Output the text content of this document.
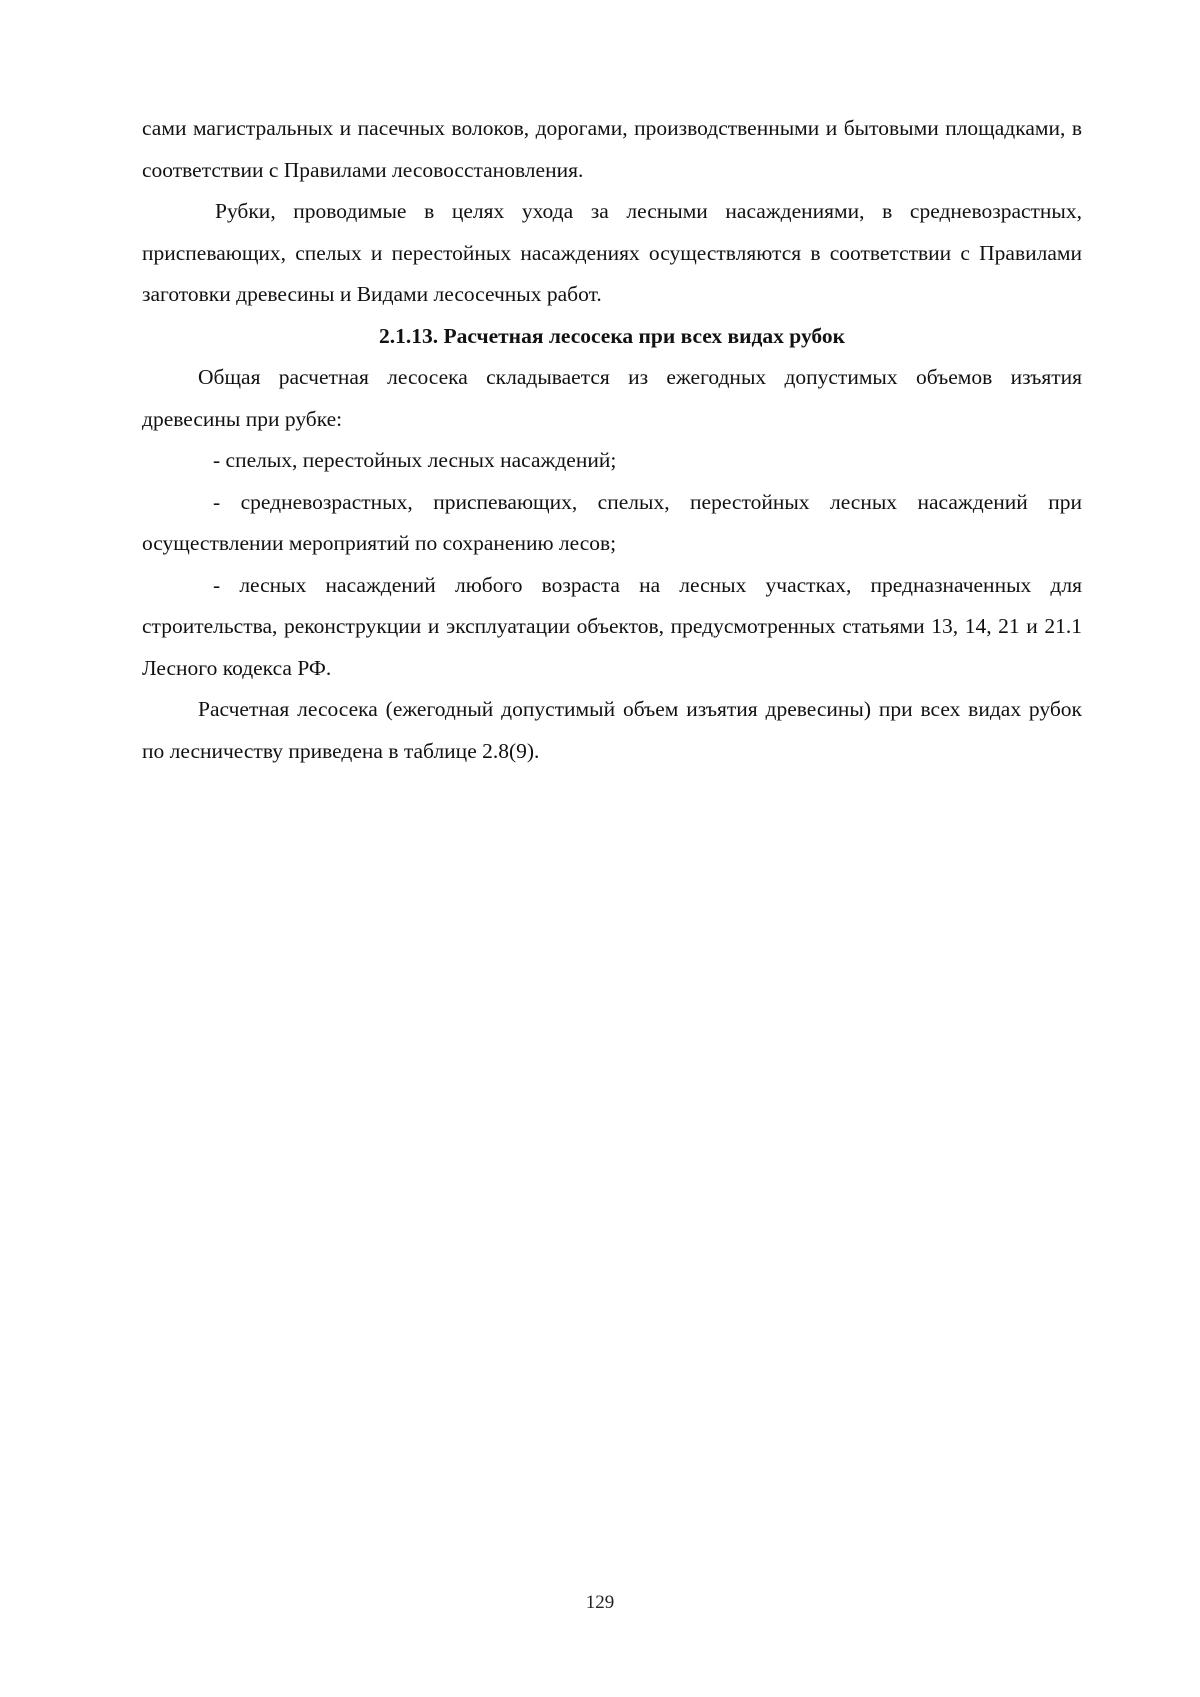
сами магистральных и пасечных волоков, дорогами, производственными и бытовыми площадками, в соответствии с Правилами лесовосстановления.

Рубки, проводимые в целях ухода за лесными насаждениями, в средневозрастных, приспевающих, спелых и перестойных насаждениях осуществляются в соответствии с Правилами заготовки древесины и Видами лесосечных работ.

2.1.13. Расчетная лесосека при всех видах рубок

Общая расчетная лесосека складывается из ежегодных допустимых объемов изъятия древесины при рубке:

- спелых, перестойных лесных насаждений;

- средневозрастных, приспевающих, спелых, перестойных лесных насаждений при осуществлении мероприятий по сохранению лесов;

- лесных насаждений любого возраста на лесных участках, предназначенных для строительства, реконструкции и эксплуатации объектов, предусмотренных статьями 13, 14, 21 и 21.1 Лесного кодекса РФ.

Расчетная лесосека (ежегодный допустимый объем изъятия древесины) при всех видах рубок по лесничеству приведена в таблице 2.8(9).

129
